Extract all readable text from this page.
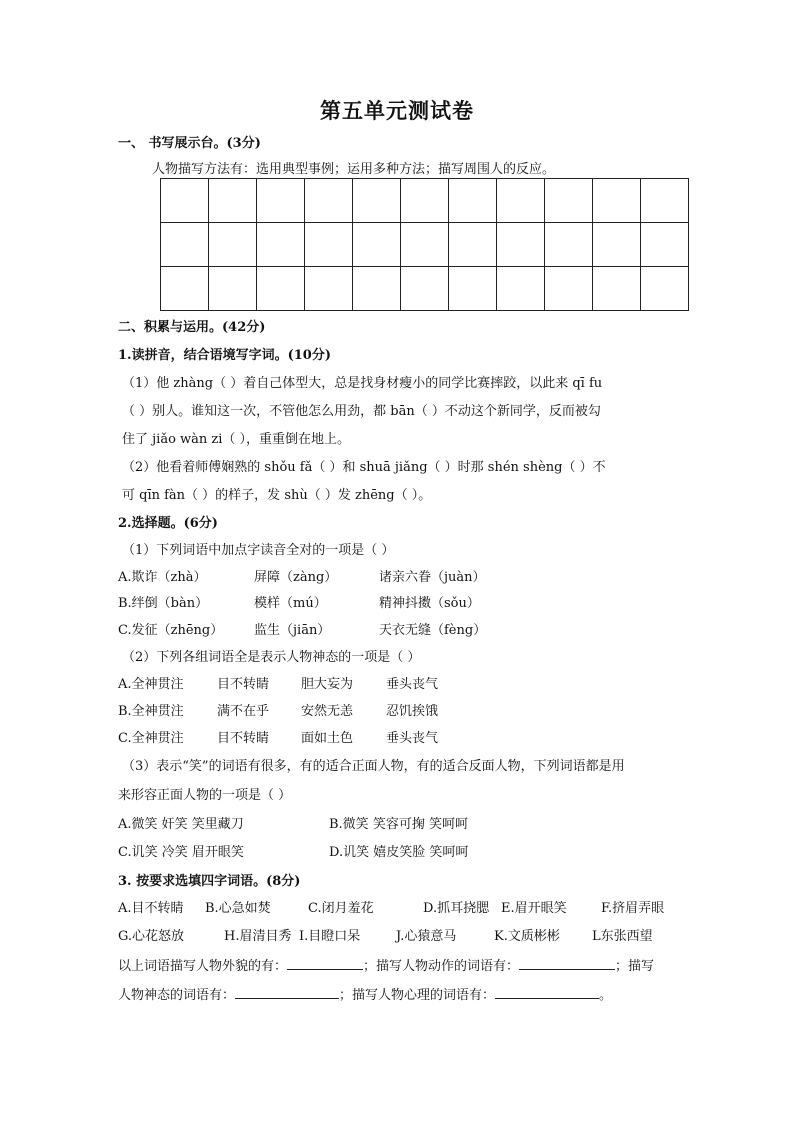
第五单元测试卷
一、 书写展示台。(3分)
人物描写方法有：选用典型事例；运用多种方法；描写周围人的反应。

二、积累与运用。(42分)
1.读拼音，结合语境写字词。(10分)
（1）他 zhàng（ ）着自己体型大，总是找身材瘦小的同学比赛摔跤，以此来 qī fu
（ ）别人。谁知这一次，不管他怎么用劲，都 bān（ ）不动这个新同学，反而被勾
住了 jiǎo wàn zi（ ），重重倒在地上。
（2）他看着师傅娴熟的 shǒu fǎ（ ）和 shuā jiǎng（ ）时那 shén shèng（ ）不
可 qīn fàn（ ）的样子，发 shù（ ）发 zhēng（ ）。
2.选择题。(6分)
（1）下列词语中加点字读音全对的一项是（ ）
A.欺诈（zhà）	屏障（zàng）	诸亲六眷（juàn）
B.绊倒（bàn）	模样（mú）	精神抖擞（sǒu）
C.发征（zhēng） 监生（jiān）	天衣无缝（fèng）
（2）下列各组词语全是表示人物神态的一项是（ ）
A.全神贯注	目不转睛 胆大妄为	垂头丧气
B.全神贯注	满不在乎 安然无恙	忍饥挨饿
C.全神贯注	目不转睛 面如土色	垂头丧气
（3）表示“笑”的词语有很多，有的适合正面人物，有的适合反面人物，下列词语都是用
来形容正面人物的一项是（ ）
A.微笑 奸笑 笑里藏刀	B.微笑 笑容可掬 笑呵呵
C.讥笑 冷笑 眉开眼笑	D.讥笑 嬉皮笑脸 笑呵呵
3. 按要求选填四字词语。(8分)
A.目不转睛 B.心急如焚	C.闭月羞花	D.抓耳挠腮 E.眉开眼笑	F.挤眉弄眼
G.心花怒放	H.眉清目秀 I.目瞪口呆	J.心猿意马	K.文质彬彬 L东张西望
以上词语描写人物外貌的有：	；描写人物动作的词语有：	；描写
人物神态的词语有：	；描写人物心理的词语有：	。
